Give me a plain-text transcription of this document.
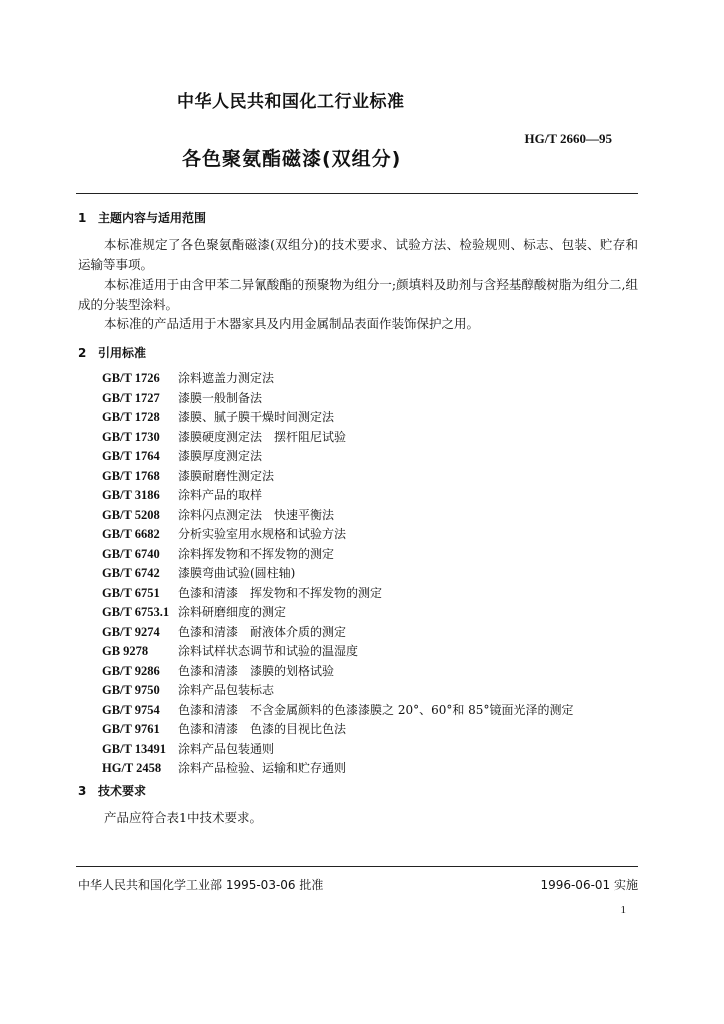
中华人民共和国化工行业标准
HG/T 2660—95
各色聚氨酯磁漆(双组分)
1 主题内容与适用范围

本标准规定了各色聚氨酯磁漆(双组分)的技术要求、试验方法、检验规则、标志、包装、贮存和运输等事项。

本标准适用于由含甲苯二异氰酸酯的预聚物为组分一;颜填料及助剂与含羟基醇酸树脂为组分二,组成的分装型涂料。

本标准的产品适用于木器家具及内用金属制品表面作装饰保护之用。

2 引用标准
GB/T 1726 涂料遮盖力测定法
GB/T 1727 漆膜一般制备法
GB/T 1728 漆膜、腻子膜干燥时间测定法
GB/T 1730 漆膜硬度测定法　摆杆阻尼试验
GB/T 1764 漆膜厚度测定法
GB/T 1768 漆膜耐磨性测定法
GB/T 3186 涂料产品的取样
GB/T 5208 涂料闪点测定法　快速平衡法
GB/T 6682 分析实验室用水规格和试验方法
GB/T 6740 涂料挥发物和不挥发物的测定
GB/T 6742 漆膜弯曲试验(圆柱轴)
GB/T 6751 色漆和清漆　挥发物和不挥发物的测定
GB/T 6753.1 涂料研磨细度的测定
GB/T 9274 色漆和清漆　耐液体介质的测定
GB 9278 涂料试样状态调节和试验的温湿度
GB/T 9286 色漆和清漆　漆膜的划格试验
GB/T 9750 涂料产品包装标志
GB/T 9754 色漆和清漆　不含金属颜料的色漆漆膜之 20°、60°和 85°镜面光泽的测定
GB/T 9761 色漆和清漆　色漆的目视比色法
GB/T 13491 涂料产品包装通则
HG/T 2458 涂料产品检验、运输和贮存通则
3 技术要求

产品应符合表1中技术要求。

中华人民共和国化学工业部 1995-03-06 批准	1996-06-01 实施
1
